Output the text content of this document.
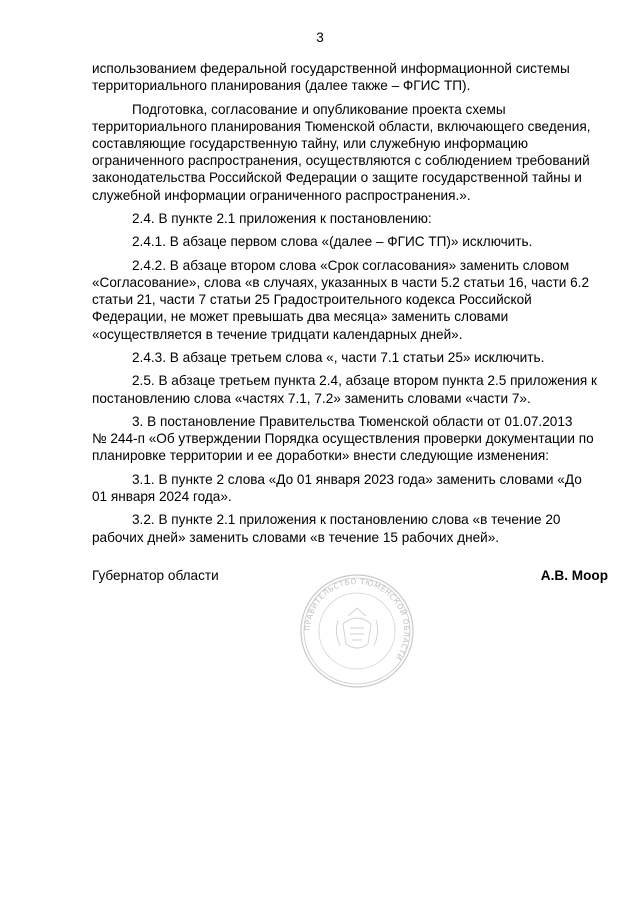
3

использованием федеральной государственной информационной системы
территориального планирования (далее также – ФГИС ТП).

Подготовка, согласование и опубликование проекта схемы
территориального планирования Тюменской области, включающего сведения,
составляющие государственную тайну, или служебную информацию
ограниченного распространения, осуществляются с соблюдением требований
законодательства Российской Федерации о защите государственной тайны и
служебной информации ограниченного распространения.».

2.4. В пункте 2.1 приложения к постановлению:

2.4.1. В абзаце первом слова «(далее – ФГИС ТП)» исключить.

2.4.2. В абзаце втором слова «Срок согласования» заменить словом
«Согласование», слова «в случаях, указанных в части 5.2 статьи 16, части 6.2
статьи 21, части 7 статьи 25 Градостроительного кодекса Российской
Федерации, не может превышать два месяца» заменить словами
«осуществляется в течение тридцати календарных дней».

2.4.3. В абзаце третьем слова «, части 7.1 статьи 25» исключить.

2.5. В абзаце третьем пункта 2.4, абзаце втором пункта 2.5 приложения к
постановлению слова «частях 7.1, 7.2» заменить словами «части 7».

3. В постановление Правительства Тюменской области от 01.07.2013
№ 244-п «Об утверждении Порядка осуществления проверки документации по
планировке территории и ее доработки» внести следующие изменения:

3.1. В пункте 2 слова «До 01 января 2023 года» заменить словами «До
01 января 2024 года».

3.2. В пункте 2.1 приложения к постановлению слова «в течение 20
рабочих дней» заменить словами «в течение 15 рабочих дней».

Губернатор области
ПРАВИТЕЛЬСТВО ТЮМЕНСКОЙ ОБЛАСТИ
А.В. Моор
